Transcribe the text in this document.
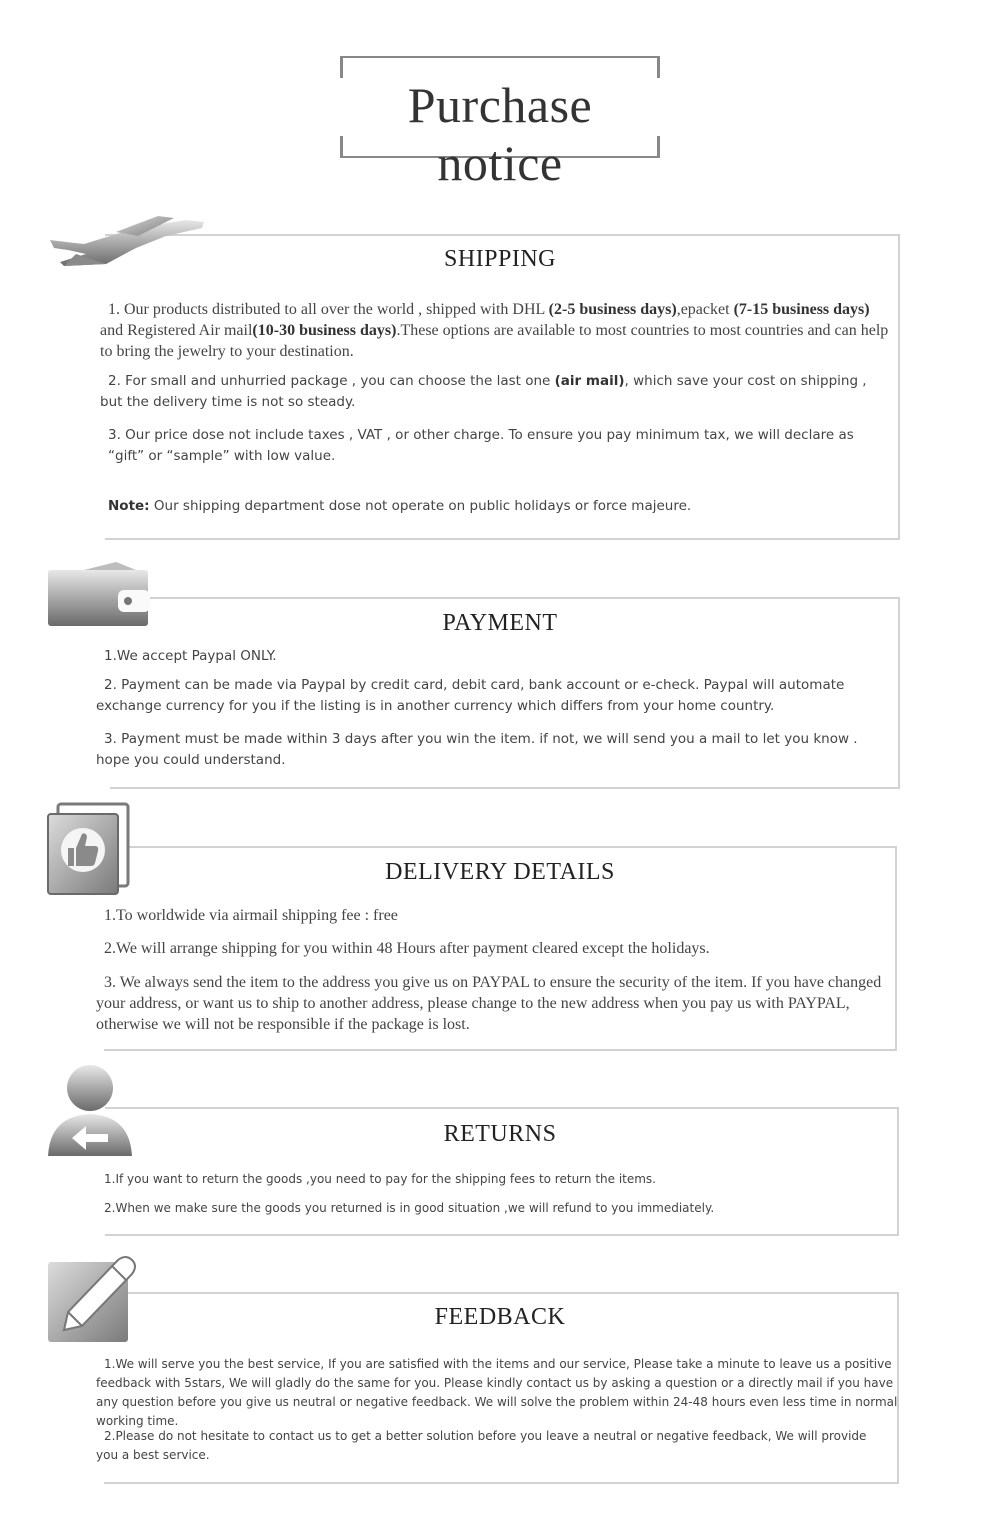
Purchase notice
SHIPPING

1. Our products distributed to all over the world , shipped with DHL (2-5 business days),epacket (7-15 business days) and Registered Air mail(10-30 business days).These options are available to most countries to most countries and can help to bring the jewelry to your destination.

2. For small and unhurried package , you can choose the last one (air mail), which save your cost on shipping , but the delivery time is not so steady.

3. Our price dose not include taxes , VAT , or other charge. To ensure you pay minimum tax, we will declare as “gift” or “sample” with low value.

Note: Our shipping department dose not operate on public holidays or force majeure.

PAYMENT

1.We accept Paypal ONLY.

2. Payment can be made via Paypal by credit card, debit card, bank account or e-check. Paypal will automate exchange currency for you if the listing is in another currency which differs from your home country.

3. Payment must be made within 3 days after you win the item. if not, we will send you a mail to let you know . hope you could understand.

DELIVERY DETAILS

1.To worldwide via airmail shipping fee : free

2.We will arrange shipping for you within 48 Hours after payment cleared except the holidays.

3. We always send the item to the address you give us on PAYPAL to ensure the security of the item. If you have changed your address, or want us to ship to another address, please change to the new address when you pay us with PAYPAL, otherwise we will not be responsible if the package is lost.

RETURNS

1.If you want to return the goods ,you need to pay for the shipping fees to return the items.

2.When we make sure the goods you returned is in good situation ,we will refund to you immediately.

FEEDBACK

1.We will serve you the best service, If you are satisfied with the items and our service, Please take a minute to leave us a positive feedback with 5stars, We will gladly do the same for you. Please kindly contact us by asking a question or a directly mail if you have any question before you give us neutral or negative feedback. We will solve the problem within 24-48 hours even less time in normal working time.

2.Please do not hesitate to contact us to get a better solution before you leave a neutral or negative feedback, We will provide you a best service.
